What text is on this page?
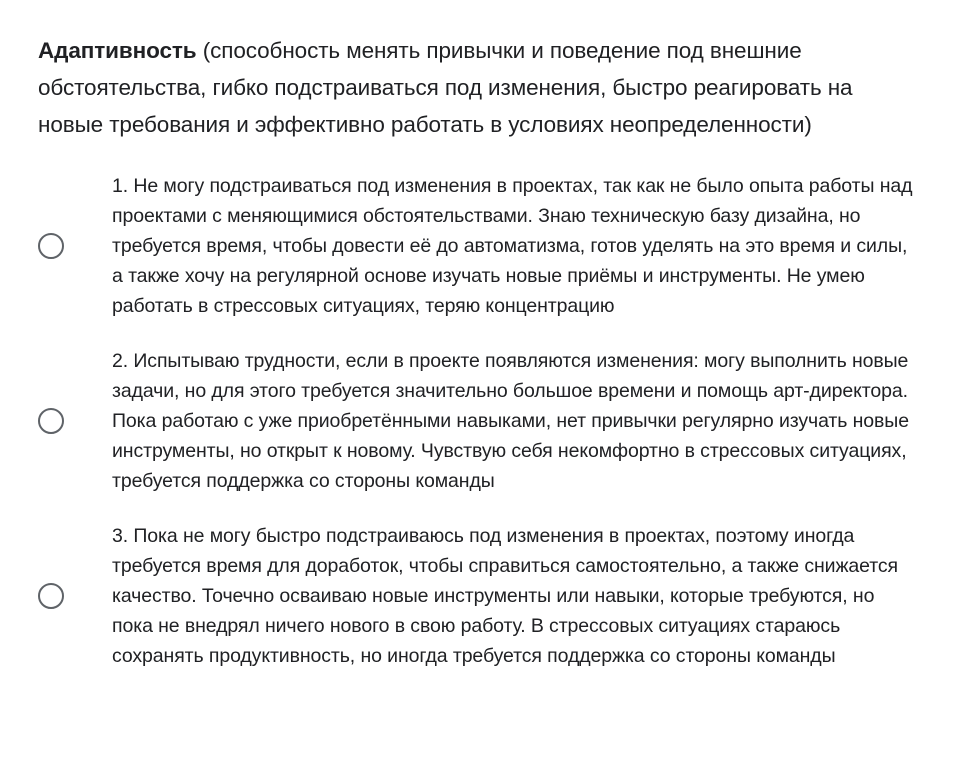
Адаптивность (способность менять привычки и поведение под внешние обстоятельства, гибко подстраиваться под изменения, быстро реагировать на новые требования и эффективно работать в условиях неопределенности)
1. Не могу подстраиваться под изменения в проектах, так как не было опыта работы над проектами с меняющимися обстоятельствами. Знаю техническую базу дизайна, но требуется время, чтобы довести её до автоматизма, готов уделять на это время и силы, а также хочу на регулярной основе изучать новые приёмы и инструменты. Не умею работать в стрессовых ситуациях, теряю концентрацию
2. Испытываю трудности, если в проекте появляются изменения: могу выполнить новые задачи, но для этого требуется значительно большое времени и помощь арт-директора. Пока работаю с уже приобретёнными навыками, нет привычки регулярно изучать новые инструменты, но открыт к новому. Чувствую себя некомфортно в стрессовых ситуациях, требуется поддержка со стороны команды
3. Пока не могу быстро подстраиваюсь под изменения в проектах, поэтому иногда требуется время для доработок, чтобы справиться самостоятельно, а также снижается качество. Точечно осваиваю новые инструменты или навыки, которые требуются, но пока не внедрял ничего нового в свою работу. В стрессовых ситуациях стараюсь сохранять продуктивность, но иногда требуется поддержка со стороны команды
